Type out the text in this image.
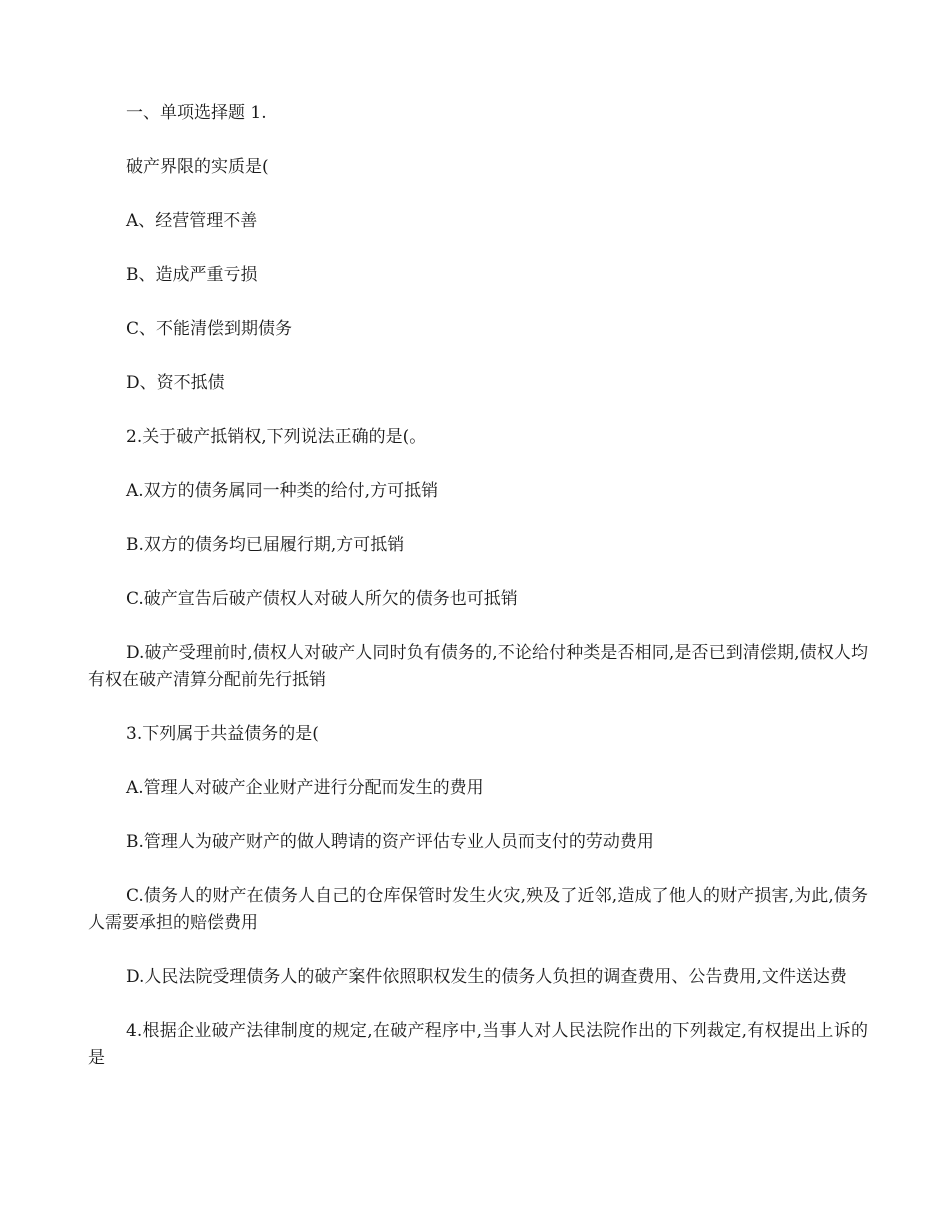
一、单项选择题 1.

破产界限的实质是(

A、经营管理不善

B、造成严重亏损

C、不能清偿到期债务

D、资不抵债

2.关于破产抵销权,下列说法正确的是(。

A.双方的债务属同一种类的给付,方可抵销

B.双方的债务均已届履行期,方可抵销

C.破产宣告后破产债权人对破人所欠的债务也可抵销

D.破产受理前时,债权人对破产人同时负有债务的,不论给付种类是否相同,是否已到清偿期,债权人均有权在破产清算分配前先行抵销

3.下列属于共益债务的是(

A.管理人对破产企业财产进行分配而发生的费用

B.管理人为破产财产的做人聘请的资产评估专业人员而支付的劳动费用

C.债务人的财产在债务人自己的仓库保管时发生火灾,殃及了近邻,造成了他人的财产损害,为此,债务人需要承担的赔偿费用

D.人民法院受理债务人的破产案件依照职权发生的债务人负担的调查费用、公告费用,文件送达费

4.根据企业破产法律制度的规定,在破产程序中,当事人对人民法院作出的下列裁定,有权提出上诉的是
